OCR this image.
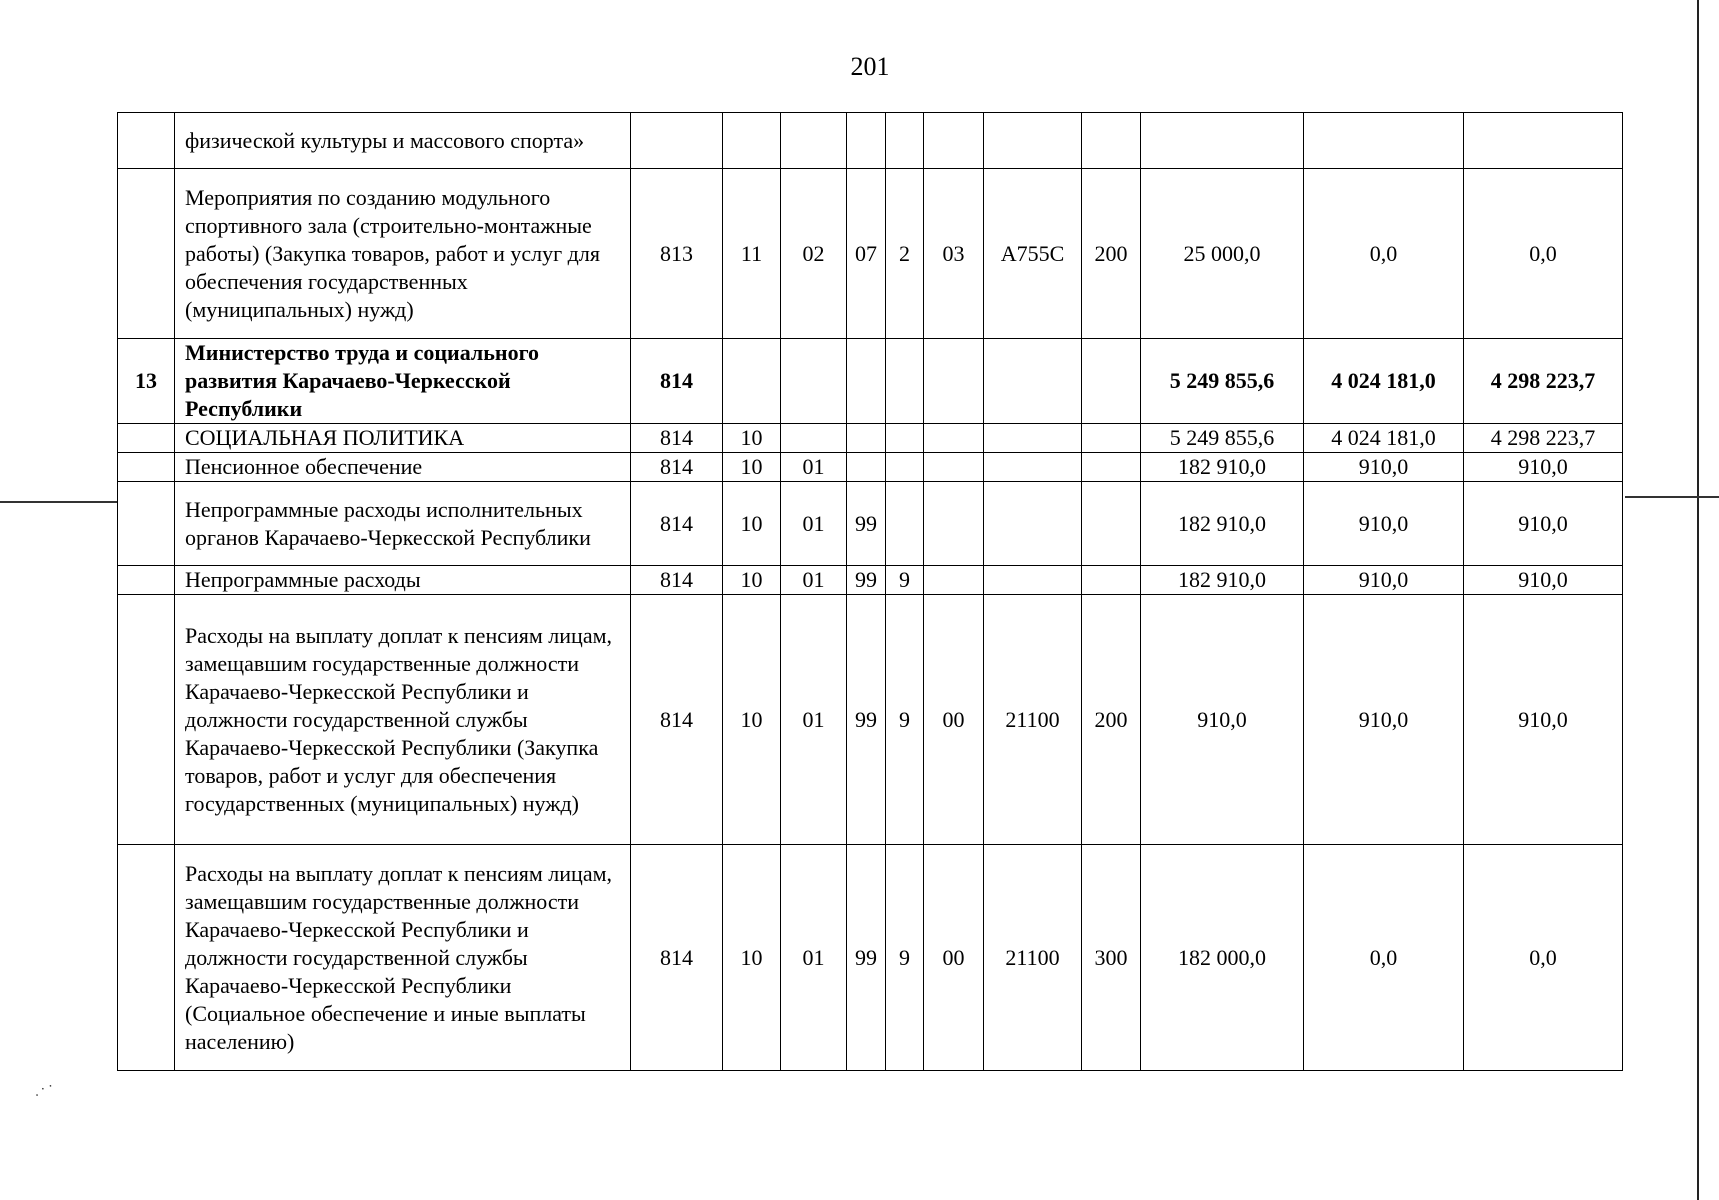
201
. · ·
	физической культуры и массового спорта»											
	Мероприятия по созданию модульного спортивного зала (строительно-монтажные работы) (Закупка товаров, работ и услуг для обеспечения государственных (муниципальных) нужд)	813	11	02	07	2	03	А755С	200	25 000,0	0,0	0,0
13	Министерство труда и социального развития Карачаево-Черкесской Республики	814								5 249 855,6	4 024 181,0	4 298 223,7
	СОЦИАЛЬНАЯ ПОЛИТИКА	814	10							5 249 855,6	4 024 181,0	4 298 223,7
	Пенсионное обеспечение	814	10	01						182 910,0	910,0	910,0
	Непрограммные расходы исполнительных органов Карачаево-Черкесской Республики	814	10	01	99					182 910,0	910,0	910,0
	Непрограммные расходы	814	10	01	99	9				182 910,0	910,0	910,0
	Расходы на выплату доплат к пенсиям лицам, замещавшим государственные должности Карачаево-Черкесской Республики и должности государственной службы Карачаево-Черкесской Республики (Закупка товаров, работ и услуг для обеспечения государственных (муниципальных) нужд)	814	10	01	99	9	00	21100	200	910,0	910,0	910,0
	Расходы на выплату доплат к пенсиям лицам, замещавшим государственные должности Карачаево-Черкесской Республики и должности государственной службы Карачаево-Черкесской Республики (Социальное обеспечение и иные выплаты населению)	814	10	01	99	9	00	21100	300	182 000,0	0,0	0,0
